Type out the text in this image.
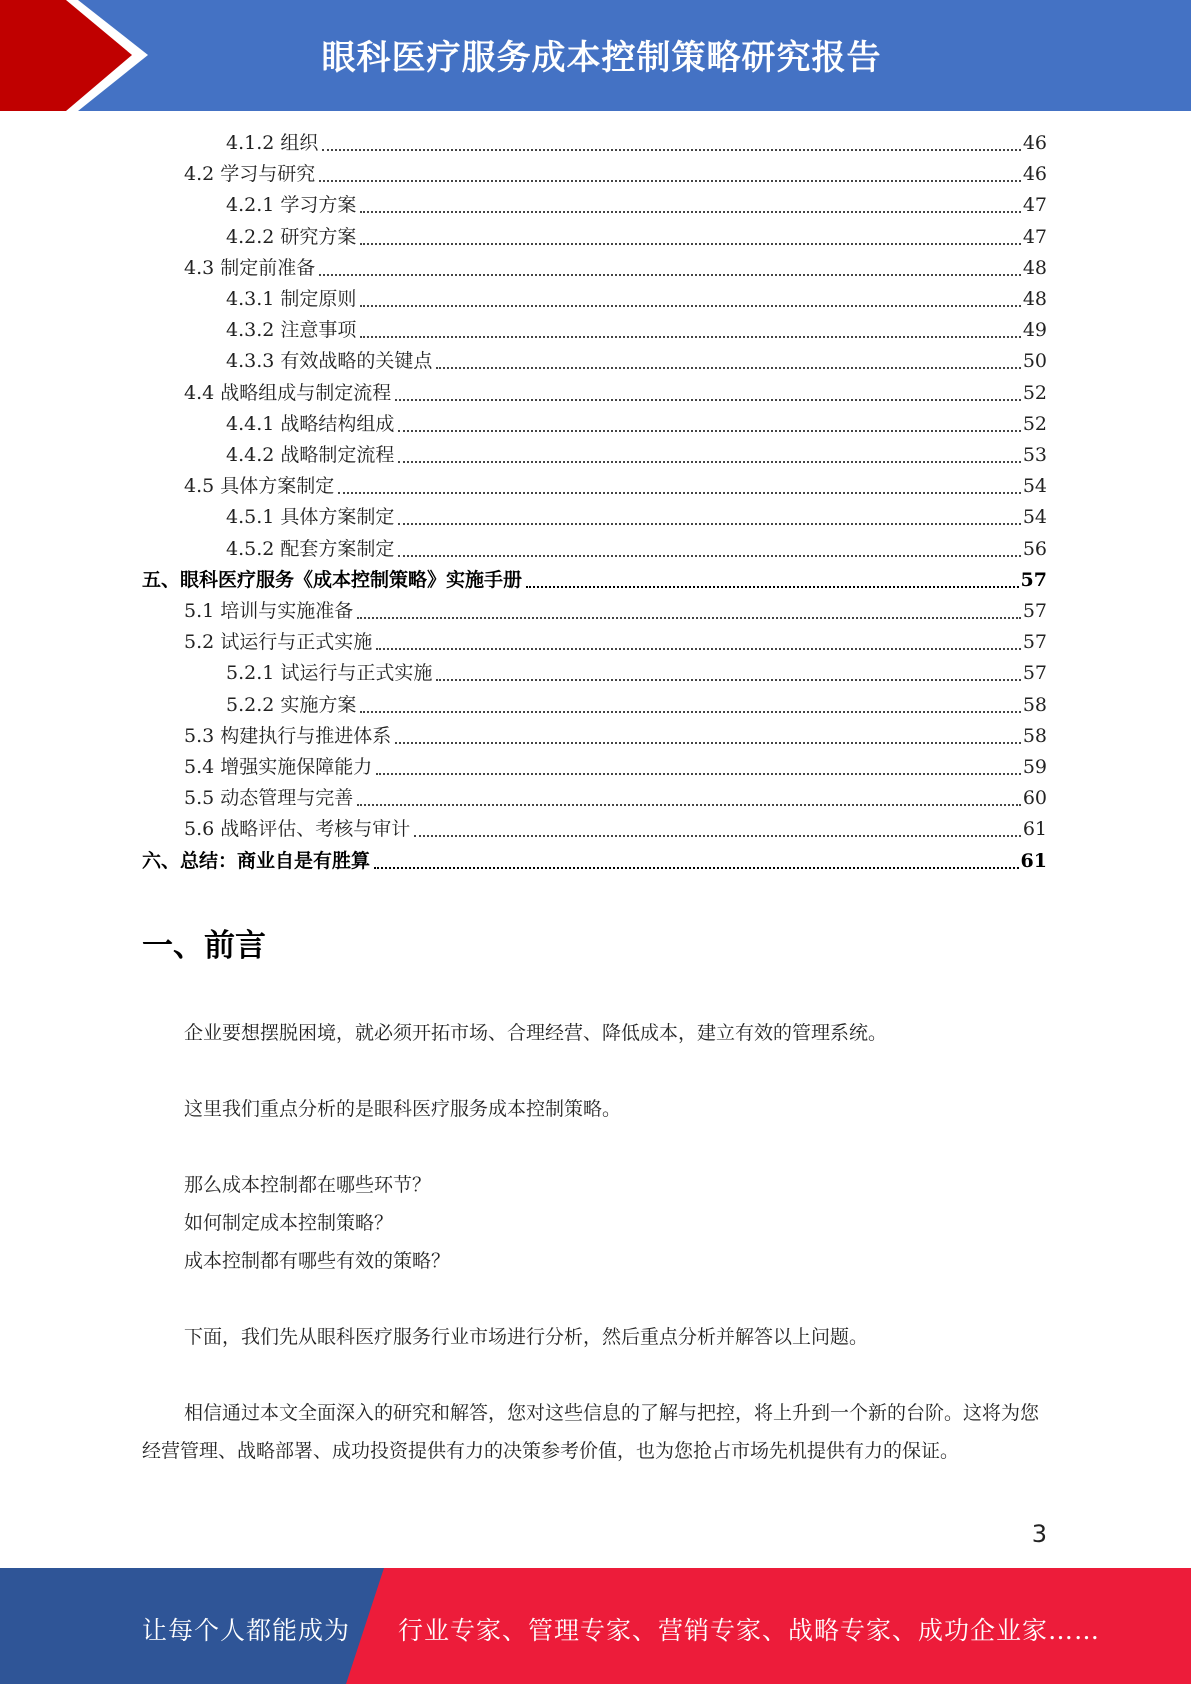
眼科医疗服务成本控制策略研究报告
4.1.2 组织	46
4.2 学习与研究	46
4.2.1 学习方案	47
4.2.2 研究方案	47
4.3 制定前准备	48
4.3.1 制定原则	48
4.3.2 注意事项	49
4.3.3 有效战略的关键点	50
4.4 战略组成与制定流程	52
4.4.1 战略结构组成	52
4.4.2 战略制定流程	53
4.5 具体方案制定	54
4.5.1 具体方案制定	54
4.5.2 配套方案制定	56
五、眼科医疗服务《成本控制策略》实施手册	57
5.1 培训与实施准备	57
5.2 试运行与正式实施	57
5.2.1 试运行与正式实施	57
5.2.2 实施方案	58
5.3 构建执行与推进体系	58
5.4 增强实施保障能力	59
5.5 动态管理与完善	60
5.6 战略评估、考核与审计	61
六、总结：商业自是有胜算	61
一、前言
企业要想摆脱困境，就必须开拓市场、合理经营、降低成本，建立有效的管理系统。
这里我们重点分析的是眼科医疗服务成本控制策略。
那么成本控制都在哪些环节？
如何制定成本控制策略？
成本控制都有哪些有效的策略？
下面，我们先从眼科医疗服务行业市场进行分析，然后重点分析并解答以上问题。
相信通过本文全面深入的研究和解答，您对这些信息的了解与把控，将上升到一个新的台阶。这将为您经营管理、战略部署、成功投资提供有力的决策参考价值，也为您抢占市场先机提供有力的保证。
3
让每个人都能成为 行业专家、管理专家、营销专家、战略专家、成功企业家……
